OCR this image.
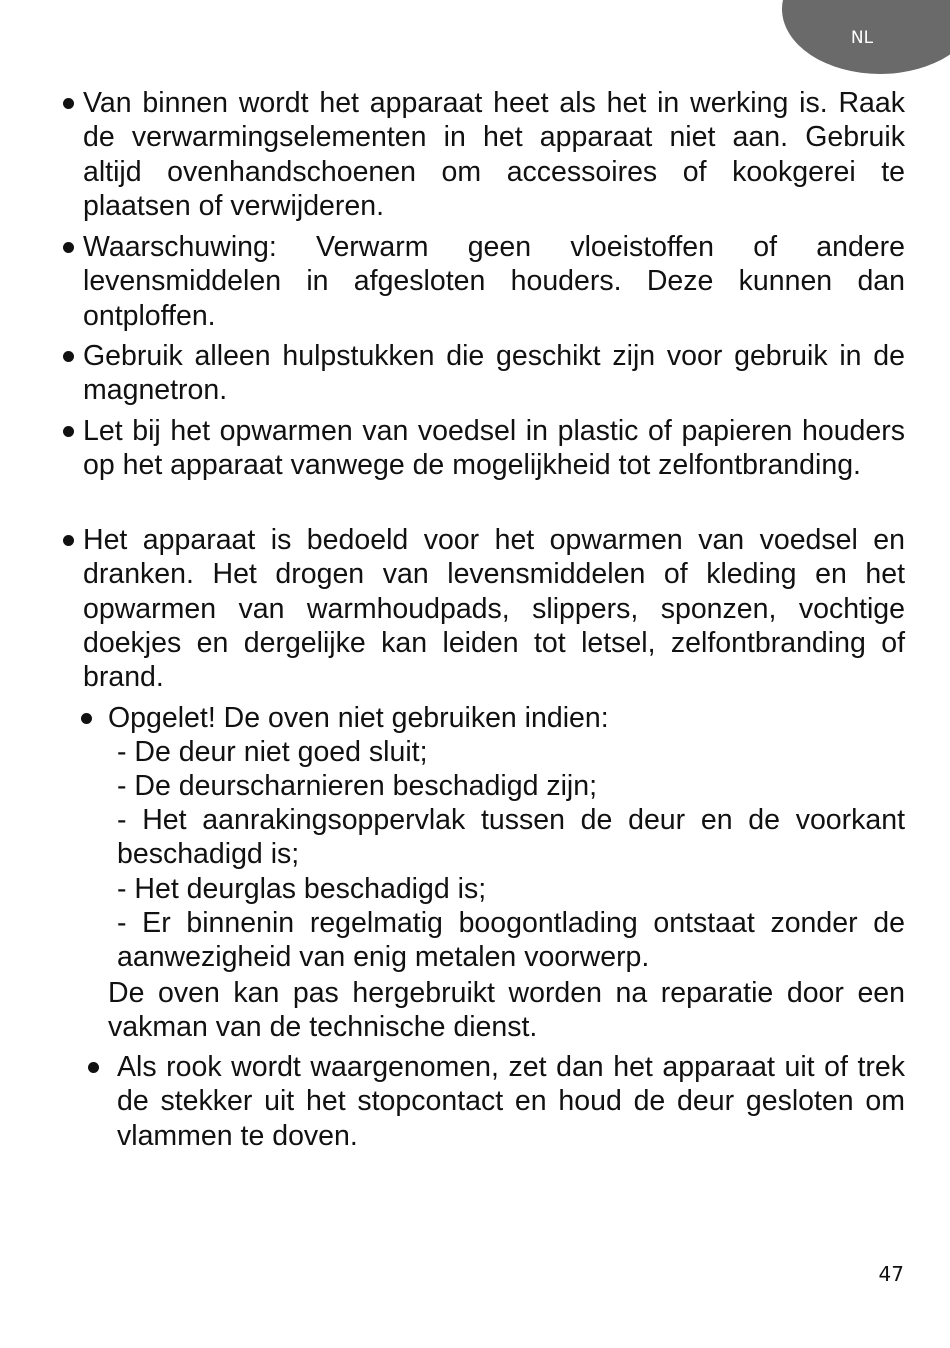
NL

Van binnen wordt het apparaat heet als het in werking is. Raak de verwarmingselementen in het apparaat niet aan. Gebruik altijd ovenhandschoenen om accessoires of kookgerei te plaatsen of verwijderen.

Waarschuwing: Verwarm geen vloeistoffen of andere levensmiddelen in afgesloten houders. Deze kunnen dan ontploffen.

Gebruik alleen hulpstukken die geschikt zijn voor gebruik in de magnetron.

Let bij het opwarmen van voedsel in plastic of papieren houders op het apparaat vanwege de mogelijkheid tot zelfontbranding.

Het apparaat is bedoeld voor het opwarmen van voedsel en dranken. Het drogen van levensmiddelen of kleding en het opwarmen van warmhoudpads, slippers, sponzen, vochtige doekjes en dergelijke kan leiden tot letsel, zelfontbranding of brand.

Opgelet! De oven niet gebruiken indien:

- De deur niet goed sluit;

- De deurscharnieren beschadigd zijn;

- Het aanrakingsoppervlak tussen de deur en de voorkant beschadigd is;

- Het deurglas beschadigd is;

- Er binnenin regelmatig boogontlading ontstaat zonder de aanwezigheid van enig metalen voorwerp.

De oven kan pas hergebruikt worden na reparatie door een vakman van de technische dienst.

Als rook wordt waargenomen, zet dan het apparaat uit of trek de stekker uit het stopcontact en houd de deur gesloten om vlammen te doven.

47
